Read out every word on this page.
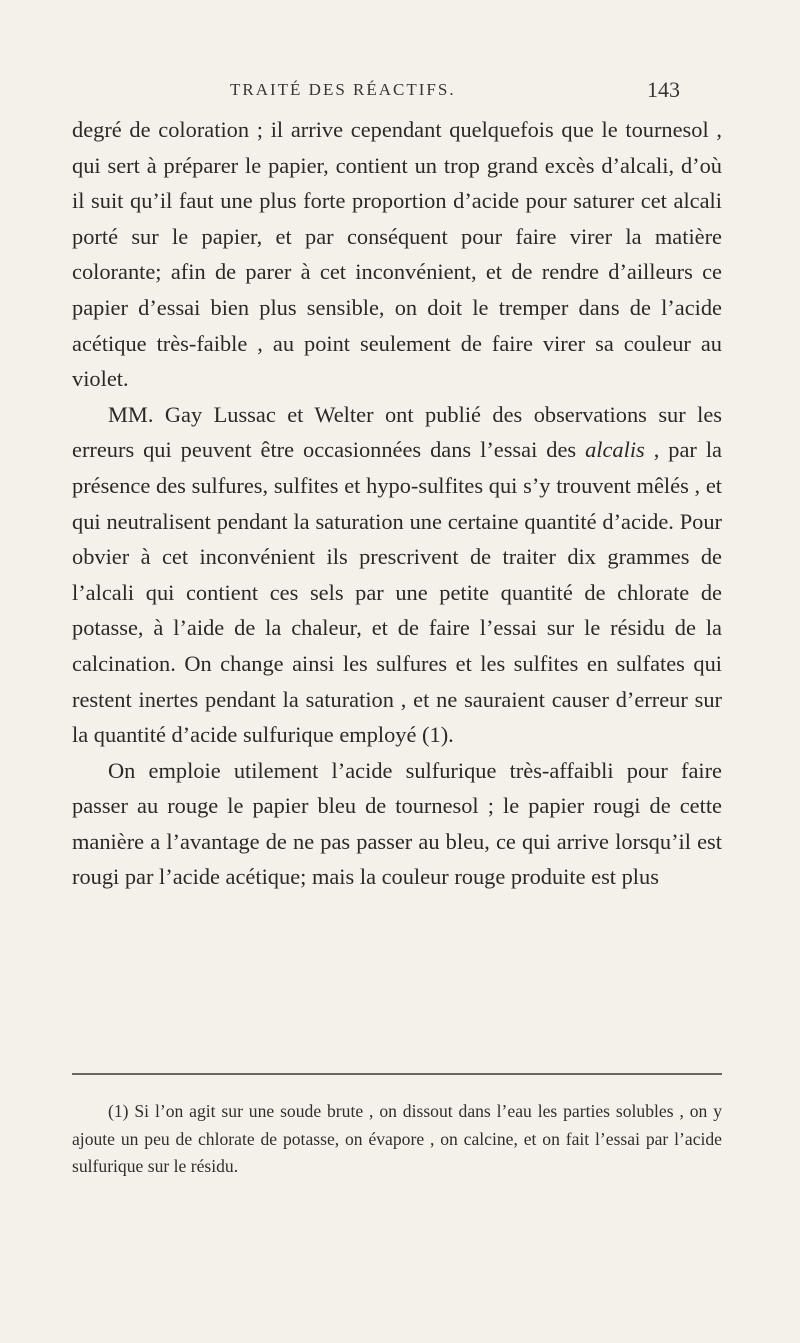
TRAITÉ DES RÉACTIFS.	143

degré de coloration ; il arrive cependant quelquefois que le tournesol , qui sert à préparer le papier, contient un trop grand excès d’alcali, d’où il suit qu’il faut une plus forte proportion d’acide pour saturer cet alcali porté sur le papier, et par conséquent pour faire virer la matière colorante; afin de parer à cet inconvénient, et de rendre d’ailleurs ce papier d’essai bien plus sensible, on doit le tremper dans de l’acide acétique très-faible , au point seulement de faire virer sa couleur au violet.

MM. Gay Lussac et Welter ont publié des observations sur les erreurs qui peuvent être occasionnées dans l’essai des alcalis , par la présence des sulfures, sulfites et hypo-sulfites qui s’y trouvent mêlés , et qui neutralisent pendant la saturation une certaine quantité d’acide. Pour obvier à cet inconvénient ils prescrivent de traiter dix grammes de l’alcali qui contient ces sels par une petite quantité de chlorate de potasse, à l’aide de la chaleur, et de faire l’essai sur le résidu de la calcination. On change ainsi les sulfures et les sulfites en sulfates qui restent inertes pendant la saturation , et ne sauraient causer d’erreur sur la quantité d’acide sulfurique employé (1).

On emploie utilement l’acide sulfurique très-affaibli pour faire passer au rouge le papier bleu de tournesol ; le papier rougi de cette manière a l’avantage de ne pas passer au bleu, ce qui arrive lorsqu’il est rougi par l’acide acétique; mais la couleur rouge produite est plus

(1) Si l’on agit sur une soude brute , on dissout dans l’eau les parties solubles , on y ajoute un peu de chlorate de potasse, on évapore , on calcine, et on fait l’essai par l’acide sulfurique sur le résidu.
